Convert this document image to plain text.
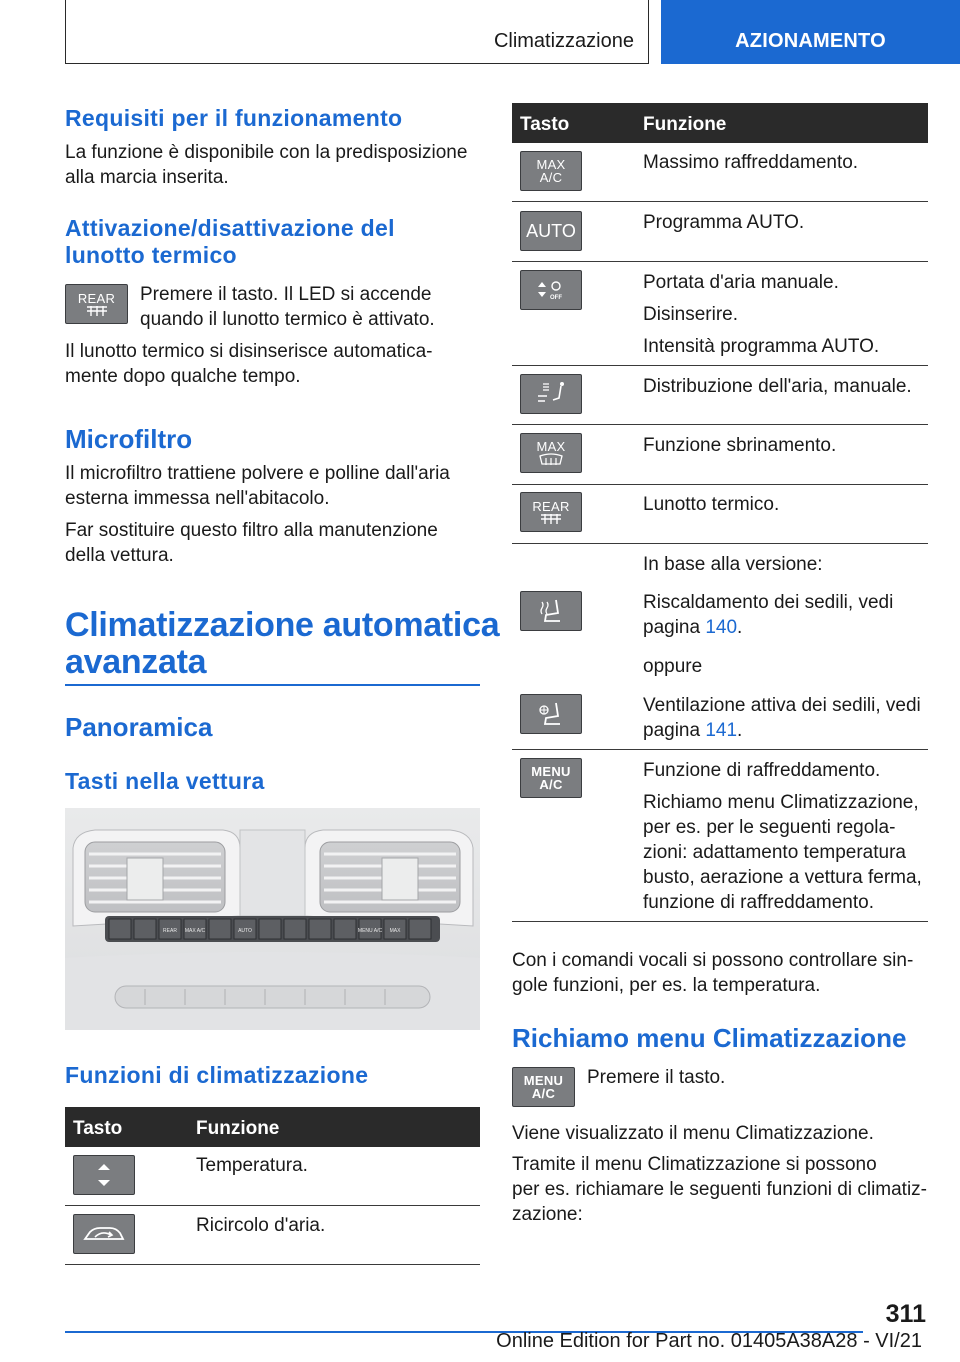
Climatizzazione	AZIONAMENTO
Requisiti per il funzionamento
La funzione è disponibile con la predisposizione
alla marcia inserita.
Attivazione/disattivazione del
lunotto termico
REAR Premere il tasto. Il LED si accende
quando il lunotto termico è attivato.
Il lunotto termico si disinserisce automatica‐
mente dopo qualche tempo.
Microfiltro
Il microfiltro trattiene polvere e polline dall'aria
esterna immessa nell'abitacolo.
Far sostituire questo filtro alla manutenzione
della vettura.
Climatizzazione automatica
avanzata
Panoramica
Tasti nella vettura
REAR MAX A/C	AUTO	MENU A/C MAX
Funzioni di climatizzazione
Tasto	Funzione
Temperatura.
Ricircolo d'aria.
Tasto	Funzione
MAX
A/C
Massimo raffreddamento.
AUTO	Programma AUTO.
OFF
Portata d'aria manuale.
Disinserire.
Intensità programma AUTO.
Distribuzione dell'aria, manuale.
MAX	Funzione sbrinamento.
REAR	Lunotto termico.
In base alla versione:
Riscaldamento dei sedili, vedi
pagina 140.
oppure
Ventilazione attiva dei sedili, vedi
pagina 141.
MENU
A/C
Funzione di raffreddamento.
Richiamo menu Climatizzazione,
per es. per le seguenti regola‐
zioni: adattamento temperatura
busto, aerazione a vettura ferma,
funzione di raffreddamento.
Con i comandi vocali si possono controllare sin‐
gole funzioni, per es. la temperatura.
Richiamo menu Climatizzazione
MENU
A/C
Premere il tasto.
Viene visualizzato il menu Climatizzazione.
Tramite il menu Climatizzazione si possono
per es. richiamare le seguenti funzioni di climatiz‐
zazione:
311
Online Edition for Part no. 01405A38A28 - VI/21
